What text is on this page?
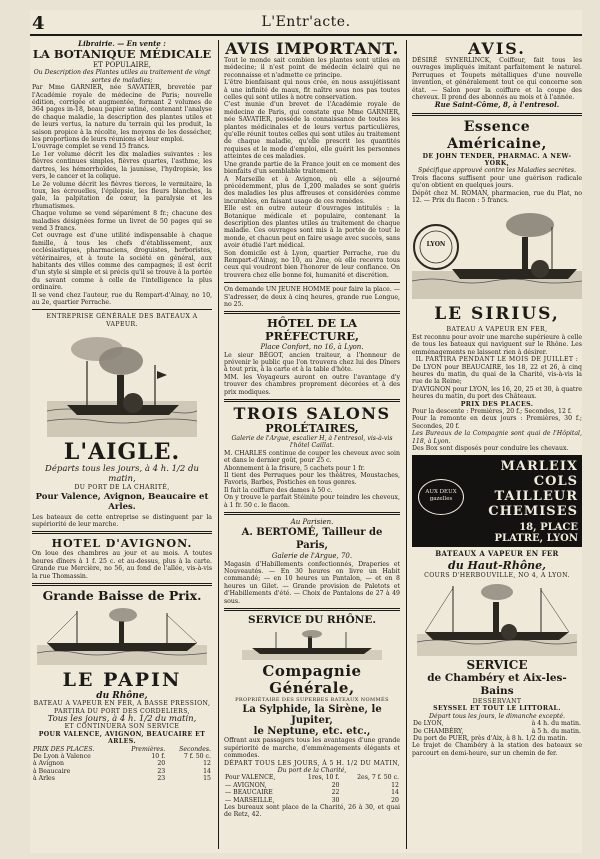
4	L'Entr'acte.
Librairie. — En vente :
LA BOTANIQUE MÉDICALE
ET POPULAIRE,
Ou Description des Plantes utiles au traitement de vingt sortes de maladies;
Par Mme GARNIER, née SAVATIER, brevetée par l'Académie royale de médecine de Paris; nouvelle édition, corrigée et augmentée, formant 2 volumes de 364 pages in-18, beau papier satiné, contenant l'analyse de chaque maladie, la description des plantes utiles et de leurs vertus, la nature du terrain qui les produit, la saison propice à la récolte, les moyens de les dessécher, les proportions de leurs réunions et leur emploi.
L'ouvrage complet se vend 15 francs.
Le 1er volume décrit les dix maladies suivantes : les fièvres continues simples, fièvres quartes, l'asthme, les dartres, les hémorrhoïdes, la jaunisse, l'hydropisie, les vers, le cancer et la colique.
Le 2e volume décrit les fièvres tierces, le vermitaire, la toux, les écrouelles, l'épilepsie, les fleurs blanches, la gale, la palpitation de cœur, la paralysie et les rhumatismes.
Chaque volume se vend séparément 8 fr.; chacune des maladies désignées forme un livret de 50 pages qui se vend 3 francs.
Cet ouvrage est d'une utilité indispensable à chaque famille, à tous les chefs d'établissement, aux ecclésiastiques, pharmaciens, droguistes, herboristes, vétérinaires, et à toute la société en général, aux habitants des villes comme des campagnes; il est écrit d'un style si simple et si précis qu'il se trouve à la portée du savant comme à celle de l'intelligence la plus ordinaire.
Il se vend chez l'auteur, rue du Rempart-d'Ainay, no 10, au 2e, quartier Perrache.
ENTREPRISE GÉNÉRALE DES BATEAUX A VAPEUR.
L'AIGLE.
Départs tous les jours, à 4 h. 1/2 du matin,
DU PORT DE LA CHARITÉ,
Pour Valence, Avignon, Beaucaire et Arles.
Les bateaux de cette entreprise se distinguent par la supériorité de leur marche.
HOTEL D'AVIGNON.
On loue des chambres au jour et au mois. A toutes heures dîners à 1 f. 25 c. et au-dessus, plus à la carte. Grande rue Mercière, no 56, au fond de l'allée, vis-à-vis la rue Thomassin.
Grande Baisse de Prix.
LE PAPIN
du Rhône,
BATEAU A VAPEUR EN FER, A BASSE PRESSION,
PARTIRA DU PORT DES CORDELIERS,
Tous les jours, à 4 h. 1/2 du matin,
ET CONTINUERA SON SERVICE
POUR VALENCE, AVIGNON, BEAUCAIRE ET ARLES.
PRIX DES PLACES.	Premières.	Secondes.
De Lyon à Valence	10 f.	7 f. 50 c.
à Avignon	20	12
à Beaucaire	23	14
à Arles	23	15
AVIS IMPORTANT.
Tout le monde sait combien les plantes sont utiles en médecine; il n'est point de médecin éclairé qui ne reconnaisse et n'admette ce principe.
L'être bienfaisant qui nous crée, en nous assujétissant à une infinité de maux, fit naître sous nos pas toutes celles qui sont utiles à notre conservation.
C'est munie d'un brevet de l'Académie royale de médecine de Paris, qui constate que Mme GARNIER, née SAVATIER, possède la connaissance de toutes les plantes médicinales et de leurs vertus particulières, qu'elle réunit toutes celles qui sont utiles au traitement de chaque maladie, qu'elle prescrit les quantités requises et le mode d'emploi, elle guérit les personnes atteintes de ces maladies.
Une grande partie de la France jouit en ce moment des bienfaits d'un semblable traitement.
A Marseille et à Avignon, où elle a séjourné précédemment, plus de 1,200 malades se sont guéris des maladies les plus affreuses et considérées comme incurables, en faisant usage de ces remèdes.
Elle est en outre auteur d'ouvrages intitulés : la Botanique médicale et populaire, contenant la description des plantes utiles au traitement de chaque maladie. Ces ouvrages sont mis à la portée de tout le monde, et chacun peut en faire usage avec succès, sans avoir étudié l'art médical.
Son domicile est à Lyon, quartier Perrache, rue du Rempart-d'Ainay, no 10, au 2me, où elle recevra tous ceux qui voudront bien l'honorer de leur confiance. On trouvera chez elle bonne foi, humanité et discrétion.
On demande UN JEUNE HOMME pour faire la place. — S'adresser, de deux à cinq heures, grande rue Longue, no 25.
HÔTEL DE LA PRÉFECTURE,
Place Confort, no 16, à Lyon.
Le sieur BÉGOT, ancien traiteur, a l'honneur de prévenir le public que l'on trouvera chez lui des Dîners à tout prix, à la carte et à la table d'hôte.
MM. les Voyageurs auront en outre l'avantage d'y trouver des chambres proprement décorées et à des prix modiques.
TROIS SALONS
PROLÉTAIRES,
Galerie de l'Argue, escalier H, à l'entresol, vis-à-vis l'hôtel Caillat.
M. CHARLES continue de couper les cheveux avec soin et dans le dernier goût, pour 25 c.
Abonnement à la frisure, 5 cachets pour 1 fr.
Il tient des Perruques pour les théâtres, Moustaches, Favoris, Barbes, Postiches en tous genres.
Il fait la coiffure des dames à 50 c.
On y trouve le parfait Stéinite pour teindre les cheveux, à 1 fr. 50 c. le flacon.
Au Parisien.
A. BERTOMÉ, Tailleur de Paris,
Galerie de l'Argue, 70.
Magasin d'Habillements confectionnés, Draperies et Nouveautés. — En 30 heures on livre un Habit commandé; — en 10 heures un Pantalon, — et en 8 heures un Gilet. — Grande provision de Paletots et d'Habillements d'été. — Choix de Pantalons de 27 à 49 sous.
SERVICE DU RHÔNE.
Compagnie Générale,
PROPRIÉTAIRE DES SUPERBES BATEAUX NOMMÉS
La Sylphide, la Sirène, le Jupiter,
le Neptune, etc. etc.,
Offrant aux passagers tous les avantages d'une grande supériorité de marche, d'emménagements élégants et commodes.
DÉPART TOUS LES JOURS, À 5 H. 1/2 DU MATIN,
Du port de la Charité,
Pour VALENCE,	1res, 10 f.	2es, 7 f. 50 c.
— AVIGNON,	20	12
— BEAUCAIRE	22	14
— MARSEILLE,	30	20
Les bureaux sont place de la Charité, 26 à 30, et quai de Retz, 42.
AVIS.
DÉSIRÉ SYNERLINCK, Coiffeur, fait tous les ouvrages impliqués imitant parfaitement le naturel. Perruques et Toupets métalliques d'une nouvelle invention, et généralement tout ce qui concerne son état. — Salon pour la coiffure et la coupe des cheveux. Il prend des abonnés au mois et à l'année.
Rue Saint-Côme, 8, à l'entresol.
Essence Américaine,
DE JOHN TENDER, PHARMAC. A NEW-YORK,
Spécifique approuvé contre les Maladies secrètes.
Trois flacons suffisent pour une guérison radicale qu'on obtient en quelques jours.
Dépôt chez M. ROMAN, pharmacien, rue du Plat, no 12. — Prix du flacon : 5 francs.
LYON
LE SIRIUS,
BATEAU A VAPEUR EN FER,
Est reconnu pour avoir une marche supérieure à celle de tous les bateaux qui naviguent sur le Rhône. Les emménagements ne laissent rien à désirer.
IL PARTIRA PENDANT LE MOIS DE JUILLET :
De LYON pour BEAUCAIRE, les 18, 22 et 26, à cinq heures du matin, du quai de la Charité, vis-à-vis la rue de la Reine;
D'AVIGNON pour LYON, les 16, 20, 25 et 30, à quatre heures du matin, du port des Châteaux.
PRIX DES PLACES.
Pour la descente : Premières, 20 f.; Secondes, 12 f.
Pour la remonte en deux jours : Premières, 30 f.; Secondes, 20 f.
Les Bureaux de la Compagnie sont quai de l'Hôpital, 118, à Lyon.
Des Box sont disposés pour conduire les chevaux.
MARLEIX
COLS
TAILLEUR
CHEMISES
18, PLACE
PLATRE, LYON
AUX DEUX gazelles
BATEAUX A VAPEUR EN FER
du Haut-Rhône,
COURS D'HERBOUVILLE, NO 4, A LYON.
SERVICE
de Chambéry et Aix-les-Bains
DESSERVANT
SEYSSEL ET TOUT LE LITTORAL.
Départ tous les jours, le dimanche excepté.
De LYON,	à 4 h. du matin.
De CHAMBÉRY,	à 5 h. du matin.
Du port de PUER, près d'Aix, à 8 h. 1/2 du matin.	
Le trajet de Chambéry à la station des bateaux se parcourt en demi-heure, sur un chemin de fer.
